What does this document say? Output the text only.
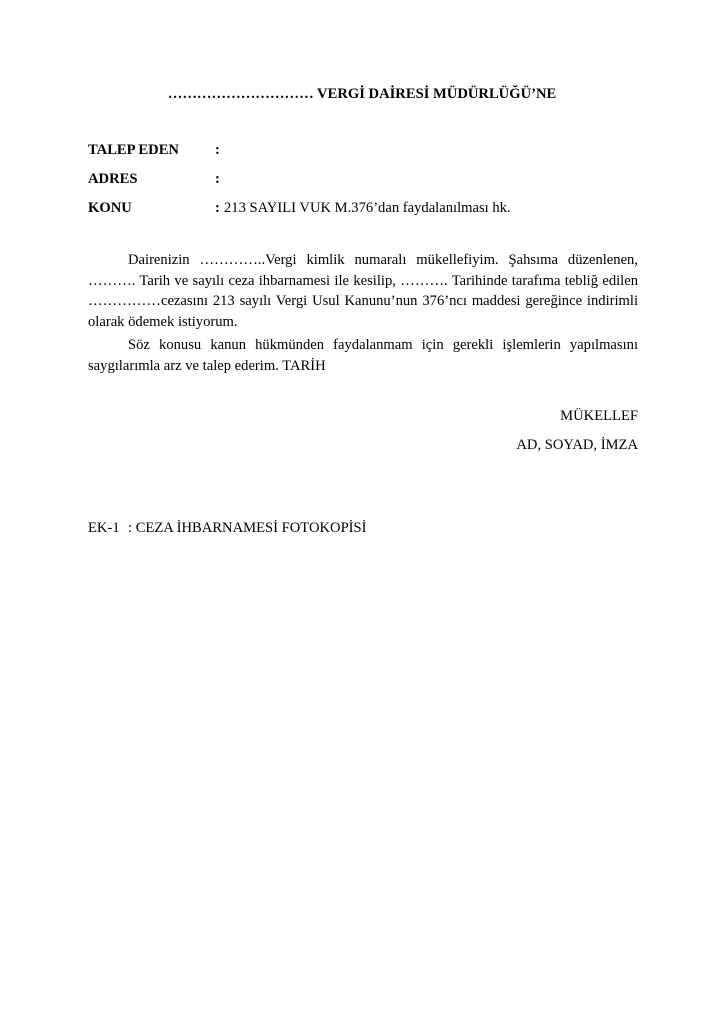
………………………… VERGİ DAİRESİ MÜDÜRLÜĞÜ’NE
TALEP EDEN :
ADRES	:
KONU	: 213 SAYILI VUK M.376’dan faydalanılması hk.
Dairenizin …………..Vergi kimlik numaralı mükellefiyim. Şahsıma düzenlenen, ………. Tarih ve sayılı ceza ihbarnamesi ile kesilip, ………. Tarihinde tarafıma tebliğ edilen ……………cezasını 213 sayılı Vergi Usul Kanunu’nun 376’ncı maddesi gereğince indirimli olarak ödemek istiyorum.
Söz konusu kanun hükmünden faydalanmam için gerekli işlemlerin yapılmasını saygılarımla arz ve talep ederim. TARİH
MÜKELLEF
AD, SOYAD, İMZA
EK-1 : CEZA İHBARNAMESİ FOTOKOPİSİ
